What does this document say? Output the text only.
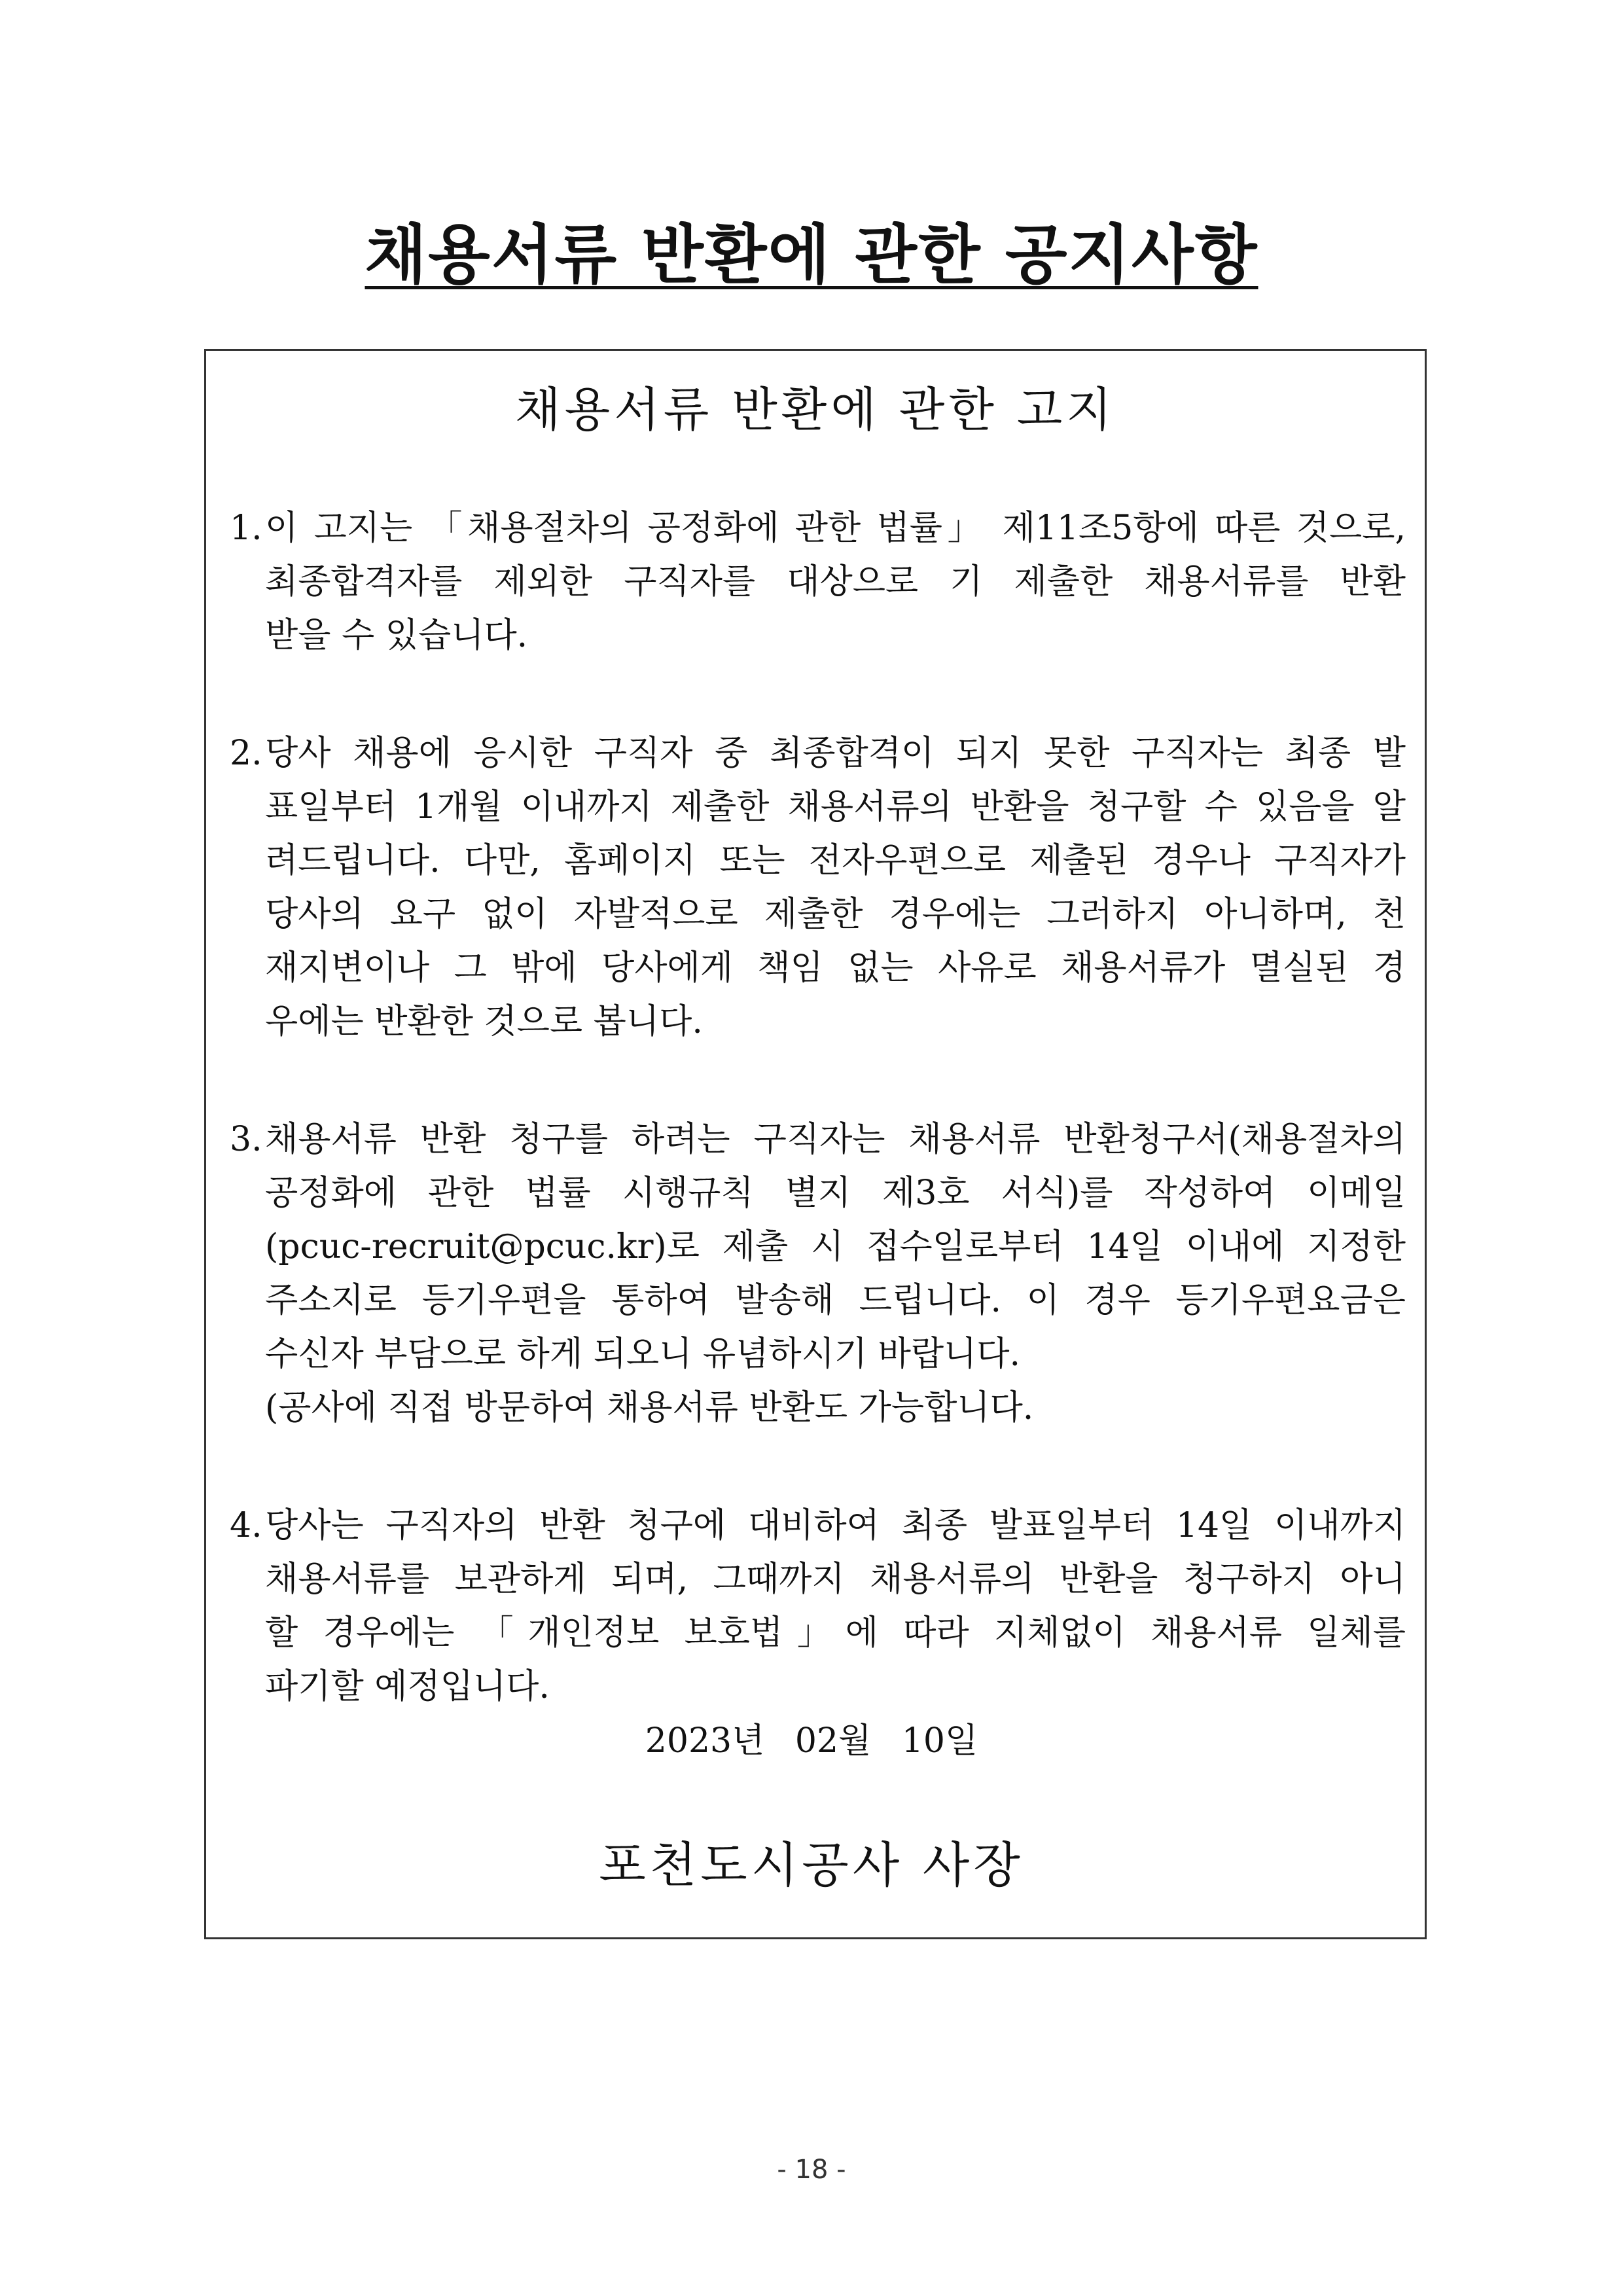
채용서류 반환에 관한 공지사항
채용서류 반환에 관한 고지
1. 이 고지는 「채용절차의 공정화에 관한 법률」 제11조5항에 따른 것으로,
최종합격자를 제외한 구직자를 대상으로 기 제출한 채용서류를 반환
받을 수 있습니다.
2. 당사 채용에 응시한 구직자 중 최종합격이 되지 못한 구직자는 최종 발
표일부터 1개월 이내까지 제출한 채용서류의 반환을 청구할 수 있음을 알
려드립니다. 다만, 홈페이지 또는 전자우편으로 제출된 경우나 구직자가
당사의 요구 없이 자발적으로 제출한 경우에는 그러하지 아니하며, 천
재지변이나 그 밖에 당사에게 책임 없는 사유로 채용서류가 멸실된 경
우에는 반환한 것으로 봅니다.
3. 채용서류 반환 청구를 하려는 구직자는 채용서류 반환청구서(채용절차의
공정화에 관한 법률 시행규칙 별지 제3호 서식)를 작성하여 이메일
(pcuc-recruit@pcuc.kr)로 제출 시 접수일로부터 14일 이내에 지정한
주소지로 등기우편을 통하여 발송해 드립니다. 이 경우 등기우편요금은
수신자 부담으로 하게 되오니 유념하시기 바랍니다.
(공사에 직접 방문하여 채용서류 반환도 가능합니다.
4. 당사는 구직자의 반환 청구에 대비하여 최종 발표일부터 14일 이내까지
채용서류를 보관하게 되며, 그때까지 채용서류의 반환을 청구하지 아니
할 경우에는 「개인정보 보호법」에 따라 지체없이 채용서류 일체를
파기할 예정입니다.
2023년 02월 10일
포천도시공사 사장
- 18 -
